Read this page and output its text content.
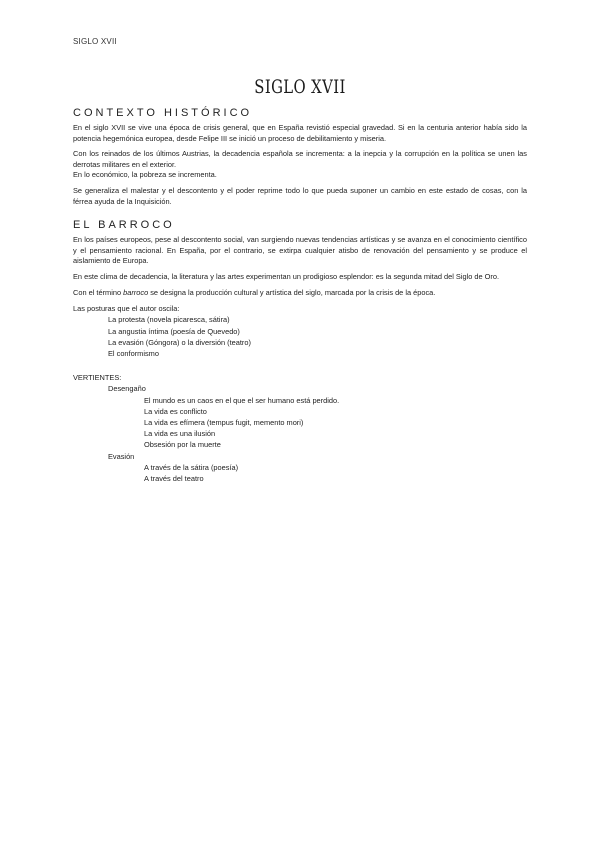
SIGLO XVII
SIGLO XVII
CONTEXTO HISTÓRICO

En el siglo XVII se vive una época de crisis general, que en España revistió especial gravedad. Si en la centuria anterior había sido la potencia hegemónica europea, desde Felipe III se inició un proceso de debilitamiento y miseria.

Con los reinados de los últimos Austrias, la decadencia española se incrementa: a la inepcia y la corrupción en la política se unen las derrotas militares en el exterior.

En lo económico, la pobreza se incrementa.

Se generaliza el malestar y el descontento y el poder reprime todo lo que pueda suponer un cambio en este estado de cosas, con la férrea ayuda de la Inquisición.

EL BARROCO

En los países europeos, pese al descontento social, van surgiendo nuevas tendencias artísticas y se avanza en el conocimiento científico y el pensamiento racional. En España, por el contrario, se extirpa cualquier atisbo de renovación del pensamiento y se produce el aislamiento de Europa.

En este clima de decadencia, la literatura y las artes experimentan un prodigioso esplendor: es la segunda mitad del Siglo de Oro.

Con el término barroco se designa la producción cultural y artística del siglo, marcada por la crisis de la época.

Las posturas que el autor oscila:
La protesta (novela picaresca, sátira)
La angustia íntima (poesía de Quevedo)
La evasión (Góngora) o la diversión (teatro)
El conformismo
VERTIENTES:
Desengaño
El mundo es un caos en el que el ser humano está perdido.
La vida es conflicto
La vida es efímera (tempus fugit, memento mori)
La vida es una ilusión
Obsesión por la muerte
Evasión
A través de la sátira (poesía)
A través del teatro
